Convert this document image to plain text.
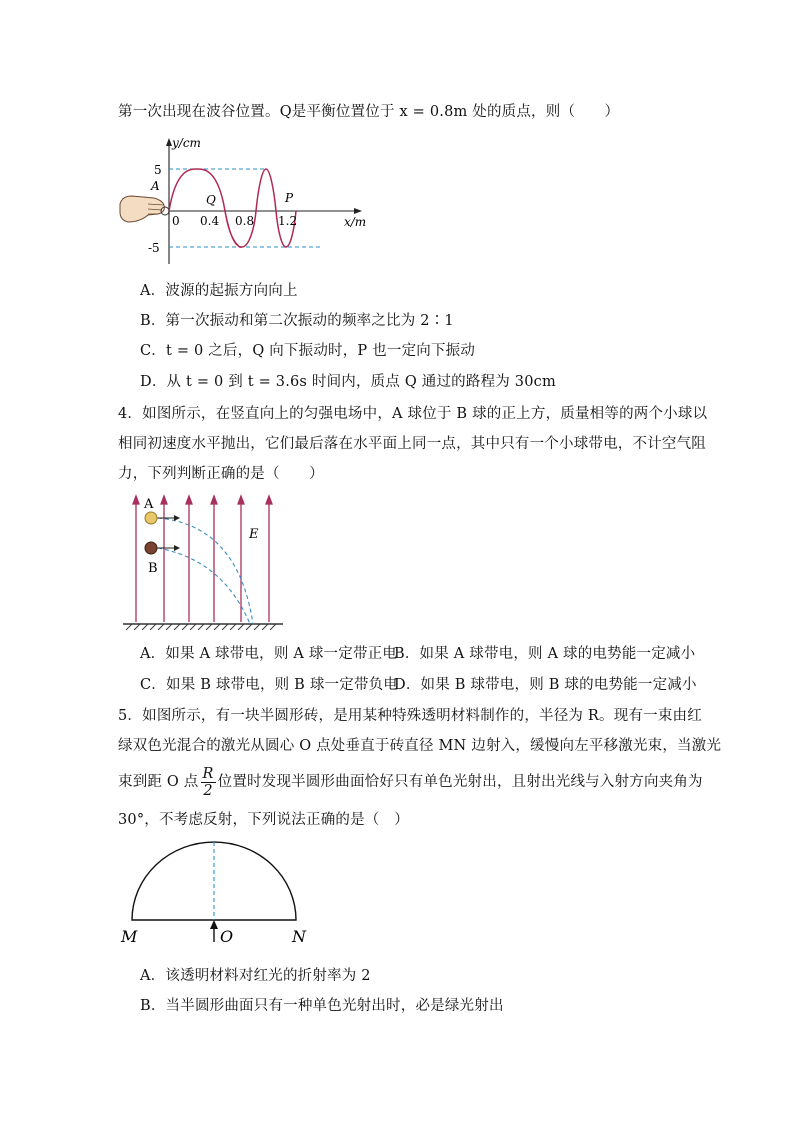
第一次出现在波谷位置。Q是平衡位置位于 x = 0.8m 处的质点，则（　　）
y/cm
5
A
-5
0 0.4 0.8 1.2
Q	P
x/m
A．波源的起振方向向上
B．第一次振动和第二次振动的频率之比为 2∶1
C．t = 0 之后，Q 向下振动时，P 也一定向下振动
D．从 t = 0 到 t = 3.6s 时间内，质点 Q 通过的路程为 30cm
4．如图所示，在竖直向上的匀强电场中，A 球位于 B 球的正上方，质量相等的两个小球以
相同初速度水平抛出，它们最后落在水平面上同一点，其中只有一个小球带电，不计空气阻
力，下列判断正确的是（　　）
A
B
E
A．如果 A 球带电，则 A 球一定带正电
B．如果 A 球带电，则 A 球的电势能一定减小
C．如果 B 球带电，则 B 球一定带负电
D．如果 B 球带电，则 B 球的电势能一定减小
5．如图所示，有一块半圆形砖，是用某种特殊透明材料制作的，半径为 R。现有一束由红
绿双色光混合的激光从圆心 O 点处垂直于砖直径 MN 边射入，缓慢向左平移激光束，当激光
束到距 O 点 $\frac{R}{2}$ 位置时发现半圆形曲面恰好只有单色光射出，且射出光线与入射方向夹角为
30°，不考虑反射，下列说法正确的是（　）
M	O	N
A．该透明材料对红光的折射率为 2
B．当半圆形曲面只有一种单色光射出时，必是绿光射出
